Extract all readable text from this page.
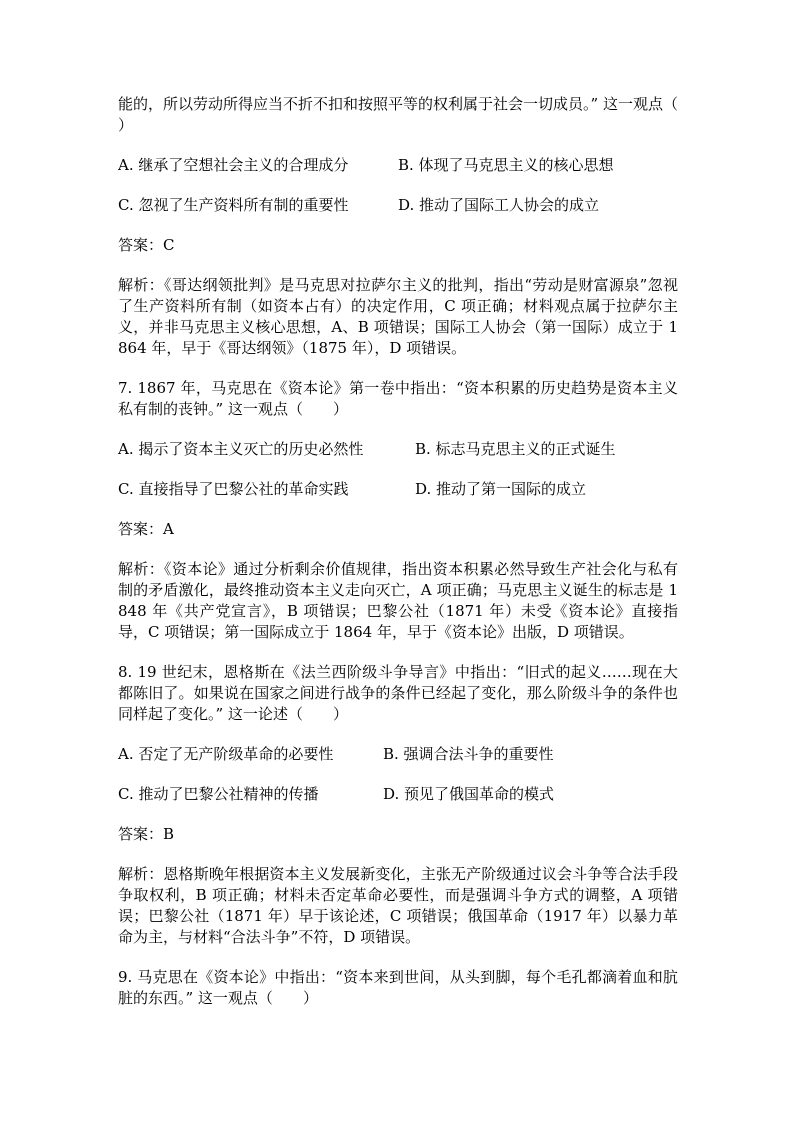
能的，所以劳动所得应当不折不扣和按照平等的权利属于社会一切成员。” 这一观点（　　）

A. 继承了空想社会主义的合理成分	B. 体现了马克思主义的核心思想
C. 忽视了生产资料所有制的重要性	D. 推动了国际工人协会的成立

答案：C

解析：《哥达纲领批判》是马克思对拉萨尔主义的批判，指出“劳动是财富源泉”忽视了生产资料所有制（如资本占有）的决定作用，C 项正确；材料观点属于拉萨尔主义，并非马克思主义核心思想，A、B 项错误；国际工人协会（第一国际）成立于 1864 年，早于《哥达纲领》（1875 年），D 项错误。

7. 1867 年，马克思在《资本论》第一卷中指出：“资本积累的历史趋势是资本主义私有制的丧钟。” 这一观点（　　）

A. 揭示了资本主义灭亡的历史必然性	B. 标志马克思主义的正式诞生
C. 直接指导了巴黎公社的革命实践	D. 推动了第一国际的成立

答案：A

解析：《资本论》通过分析剩余价值规律，指出资本积累必然导致生产社会化与私有制的矛盾激化，最终推动资本主义走向灭亡，A 项正确；马克思主义诞生的标志是 1848 年《共产党宣言》，B 项错误；巴黎公社（1871 年）未受《资本论》直接指导，C 项错误；第一国际成立于 1864 年，早于《资本论》出版，D 项错误。

8. 19 世纪末，恩格斯在《法兰西阶级斗争导言》中指出：“旧式的起义……现在大都陈旧了。如果说在国家之间进行战争的条件已经起了变化，那么阶级斗争的条件也同样起了变化。” 这一论述（　　）

A. 否定了无产阶级革命的必要性	B. 强调合法斗争的重要性
C. 推动了巴黎公社精神的传播	D. 预见了俄国革命的模式

答案：B

解析：恩格斯晚年根据资本主义发展新变化，主张无产阶级通过议会斗争等合法手段争取权利，B 项正确；材料未否定革命必要性，而是强调斗争方式的调整，A 项错误；巴黎公社（1871 年）早于该论述，C 项错误；俄国革命（1917 年）以暴力革命为主，与材料“合法斗争”不符，D 项错误。

9. 马克思在《资本论》中指出：“资本来到世间，从头到脚，每个毛孔都滴着血和肮脏的东西。” 这一观点（　　）
